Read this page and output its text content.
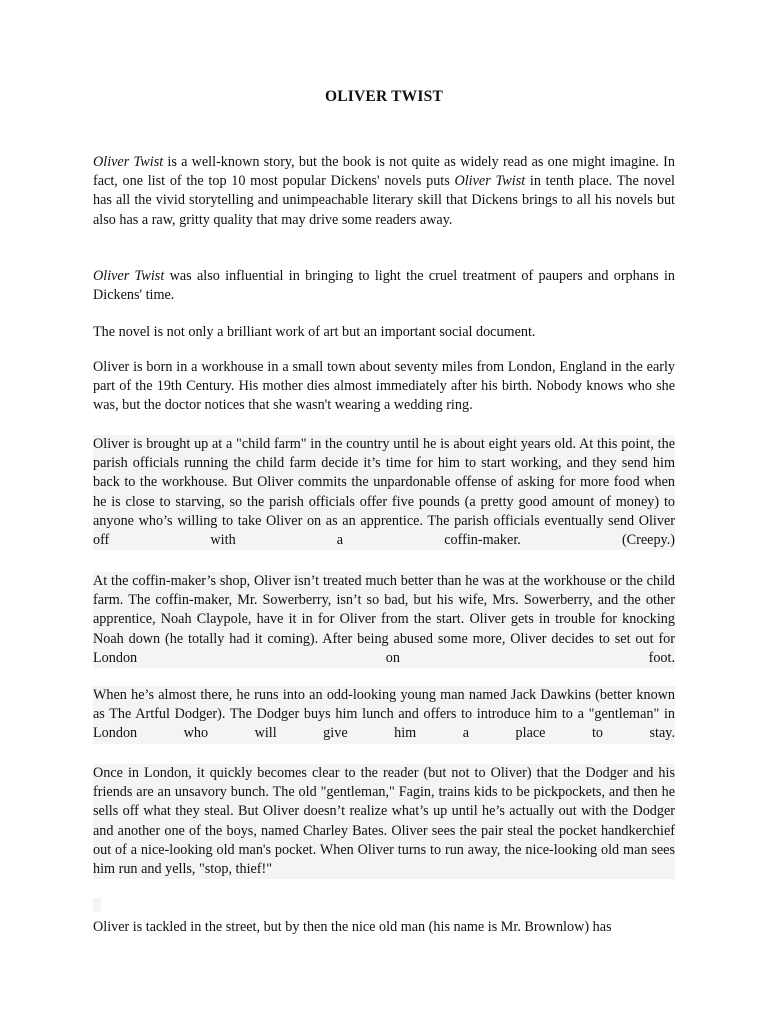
OLIVER TWIST

Oliver Twist is a well-known story, but the book is not quite as widely read as one might imagine. In fact, one list of the top 10 most popular Dickens' novels puts Oliver Twist in tenth place. The novel has all the vivid storytelling and unimpeachable literary skill that Dickens brings to all his novels but also has a raw, gritty quality that may drive some readers away.

Oliver Twist was also influential in bringing to light the cruel treatment of paupers and orphans in Dickens' time.

The novel is not only a brilliant work of art but an important social document.

Oliver is born in a workhouse in a small town about seventy miles from London, England in the early part of the 19th Century. His mother dies almost immediately after his birth. Nobody knows who she was, but the doctor notices that she wasn't wearing a wedding ring.

Oliver is brought up at a "child farm" in the country until he is about eight years old. At this point, the parish officials running the child farm decide it’s time for him to start working, and they send him back to the workhouse. But Oliver commits the unpardonable offense of asking for more food when he is close to starving, so the parish officials offer five pounds (a pretty good amount of money) to anyone who’s willing to take Oliver on as an apprentice. The parish officials eventually send Oliver off with a coffin-maker. (Creepy.)

At the coffin-maker’s shop, Oliver isn’t treated much better than he was at the workhouse or the child farm. The coffin-maker, Mr. Sowerberry, isn’t so bad, but his wife, Mrs. Sowerberry, and the other apprentice, Noah Claypole, have it in for Oliver from the start. Oliver gets in trouble for knocking Noah down (he totally had it coming). After being abused some more, Oliver decides to set out for London on foot.

When he’s almost there, he runs into an odd-looking young man named Jack Dawkins (better known as The Artful Dodger). The Dodger buys him lunch and offers to introduce him to a "gentleman" in London who will give him a place to stay.

Once in London, it quickly becomes clear to the reader (but not to Oliver) that the Dodger and his friends are an unsavory bunch. The old "gentleman," Fagin, trains kids to be pickpockets, and then he sells off what they steal. But Oliver doesn’t realize what’s up until he’s actually out with the Dodger and another one of the boys, named Charley Bates. Oliver sees the pair steal the pocket handkerchief out of a nice-looking old man's pocket. When Oliver turns to run away, the nice-looking old man sees him run and yells, "stop, thief!"

Oliver is tackled in the street, but by then the nice old man (his name is Mr. Brownlow) has
